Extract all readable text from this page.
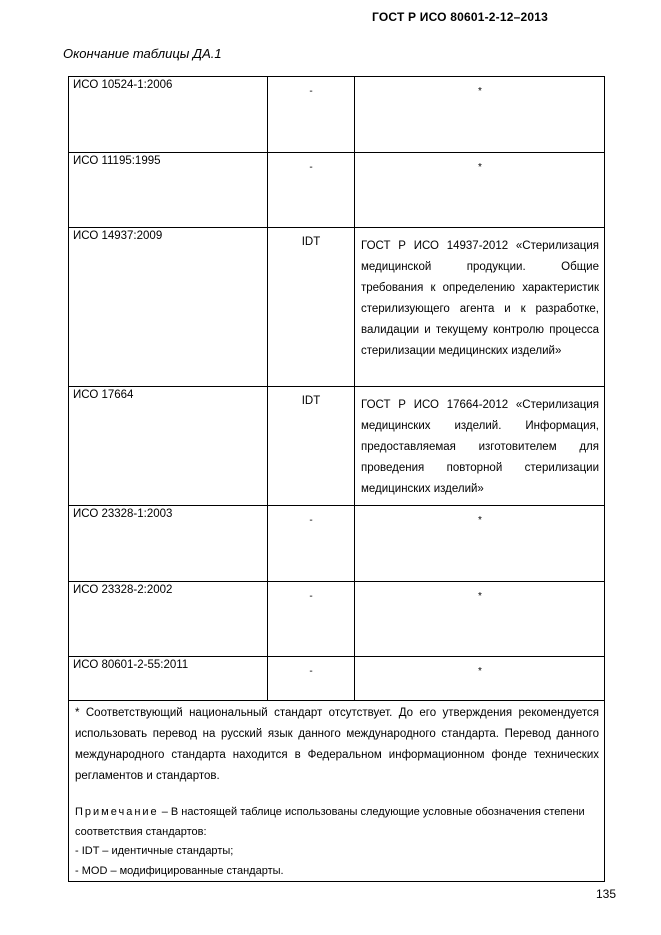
ГОСТ Р ИСО 80601-2-12–2013
Окончание таблицы ДА.1
ИСО 10524-1:2006	-	*
ИСО 11195:1995	-	*
ИСО 14937:2009	IDT	ГОСТ Р ИСО 14937-2012 «Стерилизация медицинской продукции. Общие требования к определению характеристик стерилизующего агента и к разработке, валидации и текущему контролю процесса стерилизации медицинских изделий»

ИСО 17664	IDT	ГОСТ Р ИСО 17664-2012 «Стерилизация медицинских изделий. Информация, предоставляемая изготовителем для проведения повторной стерилизации медицинских изделий»

ИСО 23328-1:2003	-	*
ИСО 23328-2:2002	-	*
ИСО 80601-2-55:2011	-	*

* Соответствующий национальный стандарт отсутствует. До его утверждения рекомендуется использовать перевод на русский язык данного международного стандарта. Перевод данного международного стандарта находится в Федеральном информационном фонде технических регламентов и стандартов.
Примечание – В настоящей таблице использованы следующие условные обозначения степени соответствия стандартов:
- IDT – идентичные стандарты;
- MOD – модифицированные стандарты.		
135
